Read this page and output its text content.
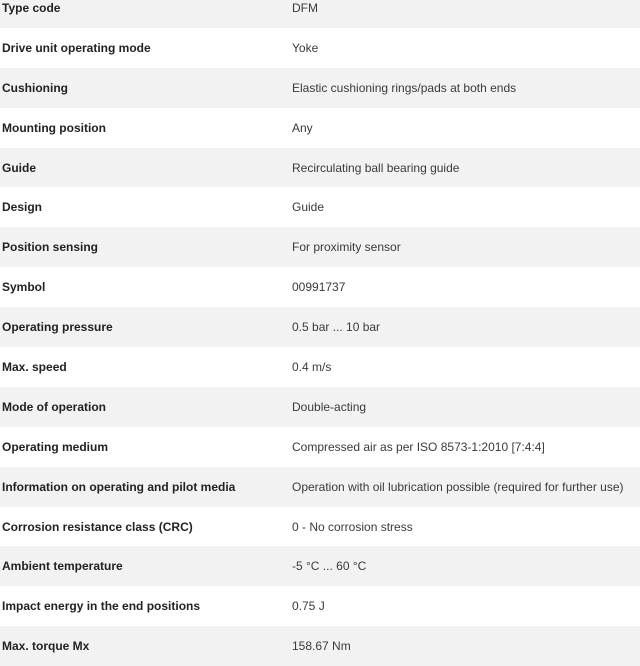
Type code	DFM
Drive unit operating mode	Yoke
Cushioning	Elastic cushioning rings/pads at both ends
Mounting position	Any
Guide	Recirculating ball bearing guide
Design	Guide
Position sensing	For proximity sensor
Symbol	00991737
Operating pressure	0.5 bar ... 10 bar
Max. speed	0.4 m/s
Mode of operation	Double-acting
Operating medium	Compressed air as per ISO 8573-1:2010 [7:4:4]
Information on operating and pilot media	Operation with oil lubrication possible (required for further use)
Corrosion resistance class (CRC)	0 - No corrosion stress
Ambient temperature	-5 °C ... 60 °C
Impact energy in the end positions	0.75 J
Max. torque Mx	158.67 Nm
